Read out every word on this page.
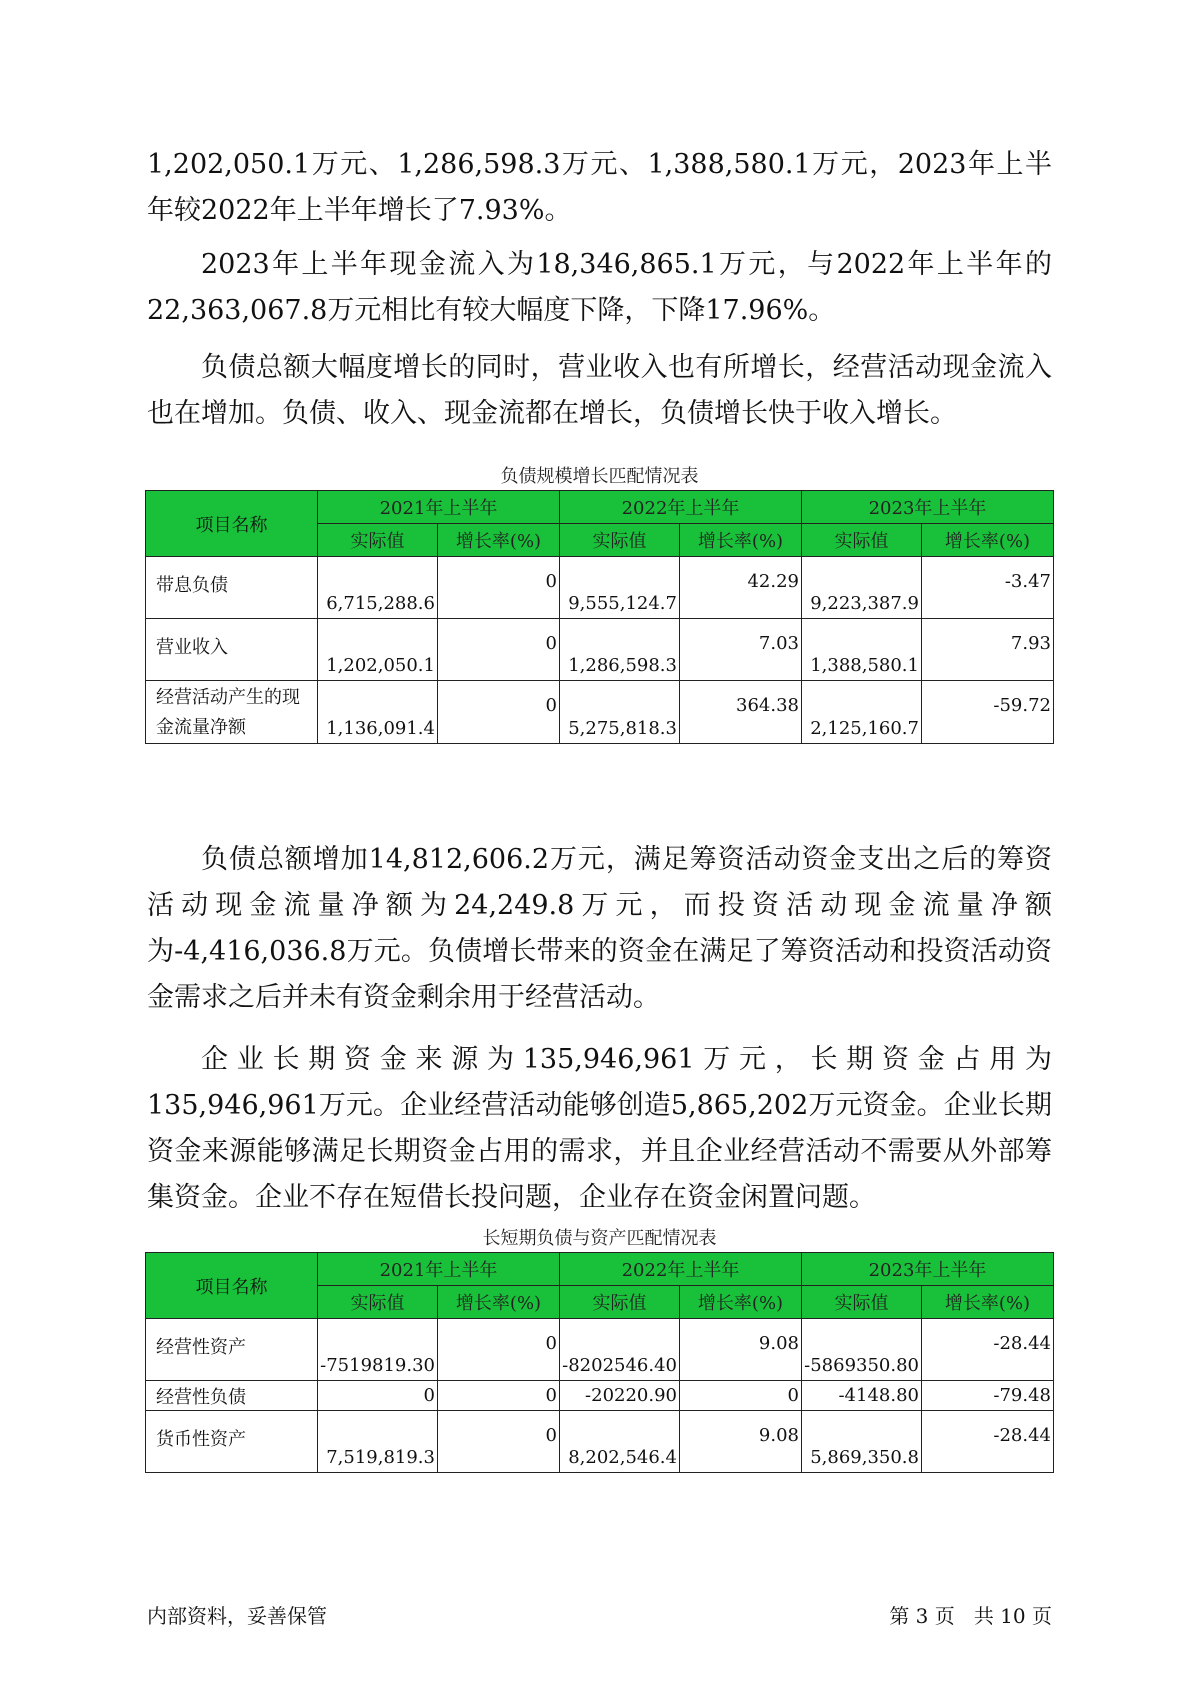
1,202,050.1万元、1,286,598.3万元、1,388,580.1万元，2023年上半年较2022年上半年增长了7.93%。

2023年上半年现金流入为18,346,865.1万元，与2022年上半年的22,363,067.8万元相比有较大幅度下降，下降17.96%。

负债总额大幅度增长的同时，营业收入也有所增长，经营活动现金流入也在增加。负债、收入、现金流都在增长，负债增长快于收入增长。

负债规模增长匹配情况表
项目名称	2021年上半年		2022年上半年		2023年上半年	
	实际值	增长率(%)	实际值	增长率(%)	实际值	增长率(%)
带息负债	6,715,288.6	0	9,555,124.7	42.29	9,223,387.9	-3.47
营业收入	1,202,050.1	0	1,286,598.3	7.03	1,388,580.1	7.93
经营活动产生的现金流量净额	1,136,091.4	0	5,275,818.3	364.38	2,125,160.7	-59.72

负债总额增加14,812,606.2万元，满足筹资活动资金支出之后的筹资活动现金流量净额为24,249.8万元，而投资活动现金流量净额为-4,416,036.8万元。负债增长带来的资金在满足了筹资活动和投资活动资金需求之后并未有资金剩余用于经营活动。

企业长期资金来源为135,946,961万元，长期资金占用为135,946,961万元。企业经营活动能够创造5,865,202万元资金。企业长期资金来源能够满足长期资金占用的需求，并且企业经营活动不需要从外部筹集资金。企业不存在短借长投问题，企业存在资金闲置问题。

长短期负债与资产匹配情况表
项目名称	2021年上半年		2022年上半年		2023年上半年	
	实际值	增长率(%)	实际值	增长率(%)	实际值	增长率(%)
经营性资产	-7519819.30	0	-8202546.40	9.08	-5869350.80	-28.44
经营性负债	0	0	-20220.90	0	-4148.80	-79.48
货币性资产	7,519,819.3	0	8,202,546.4	9.08	5,869,350.8	-28.44
内部资料，妥善保管	第 3 页   共 10 页
